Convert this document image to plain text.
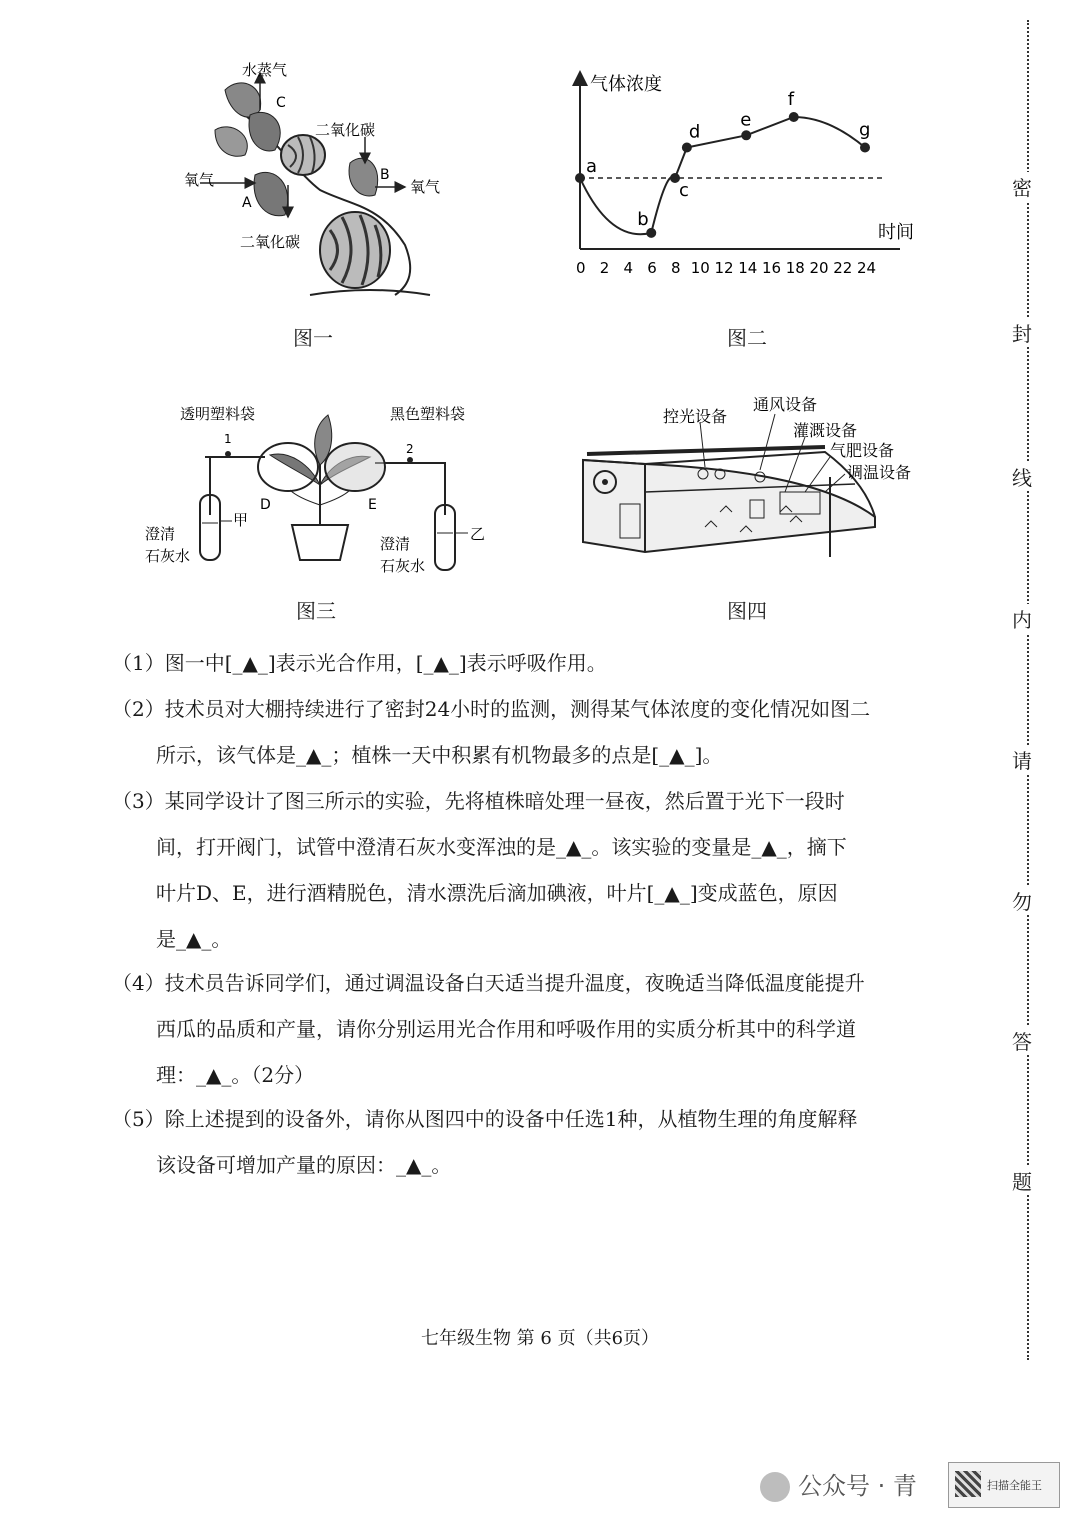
水蒸气
C
二氧化碳
B
氧气
氧气
A
二氧化碳
图一
气体浓度
时间
0 2 4 6 8 10 12 14 16 18 20 22 24
a
b
c
d
e
f
g
图二
透明塑料袋	黑色塑料袋
1
2
D	E
甲
乙
澄清
石灰水
澄清
石灰水
图三
控光设备
通风设备
灌溉设备
气肥设备
调温设备
图四
（1）图一中[_▲_]表示光合作用，[_▲_]表示呼吸作用。
（2）技术员对大棚持续进行了密封24小时的监测，测得某气体浓度的变化情况如图二
所示，该气体是_▲_；植株一天中积累有机物最多的点是[_▲_]。
（3）某同学设计了图三所示的实验，先将植株暗处理一昼夜，然后置于光下一段时
间，打开阀门，试管中澄清石灰水变浑浊的是_▲_。该实验的变量是_▲_，摘下
叶片D、E，进行酒精脱色，清水漂洗后滴加碘液，叶片[_▲_]变成蓝色，原因
是_▲_。
（4）技术员告诉同学们，通过调温设备白天适当提升温度，夜晚适当降低温度能提升
西瓜的品质和产量，请你分别运用光合作用和呼吸作用的实质分析其中的科学道
理：_▲_。（2分）
（5）除上述提到的设备外，请你从图四中的设备中任选1种，从植物生理的角度解释
该设备可增加产量的原因：_▲_。
密
封
线
内
请
勿
答
题
七年级生物 第 6 页（共6页）
公众号 · 青	扫描全能王
